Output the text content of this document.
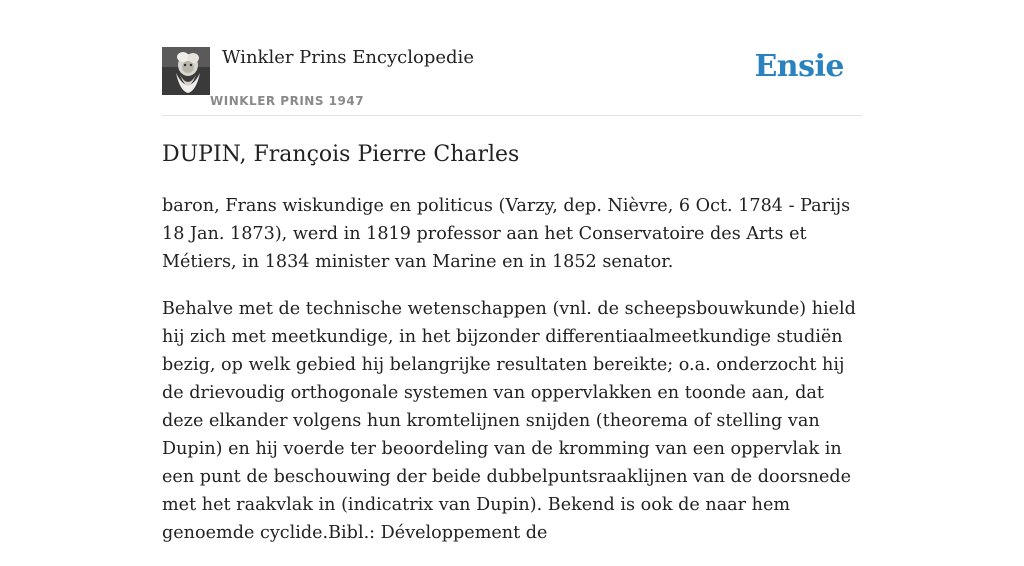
Winkler Prins Encyclopedie
WINKLER PRINS 1947
Ensie
DUPIN, François Pierre Charles

baron, Frans wiskundige en politicus (Varzy, dep. Nièvre, 6 Oct. 1784 - Parijs 18 Jan. 1873), werd in 1819 professor aan het Conservatoire des Arts et Métiers, in 1834 minister van Marine en in 1852 senator.

Behalve met de technische wetenschappen (vnl. de scheepsbouwkunde) hield hij zich met meetkundige, in het bijzonder differentiaalmeetkundige studiën bezig, op welk gebied hij belangrijke resultaten bereikte; o.a. onderzocht hij de drievoudig orthogonale systemen van oppervlakken en toonde aan, dat deze elkander volgens hun kromtelijnen snijden (theorema of stelling van Dupin) en hij voerde ter beoordeling van de kromming van een oppervlak in een punt de beschouwing der beide dubbelpuntsraaklijnen van de doorsnede met het raakvlak in (indicatrix van Dupin). Bekend is ook de naar hem genoemde cyclide.Bibl.: Développement de
